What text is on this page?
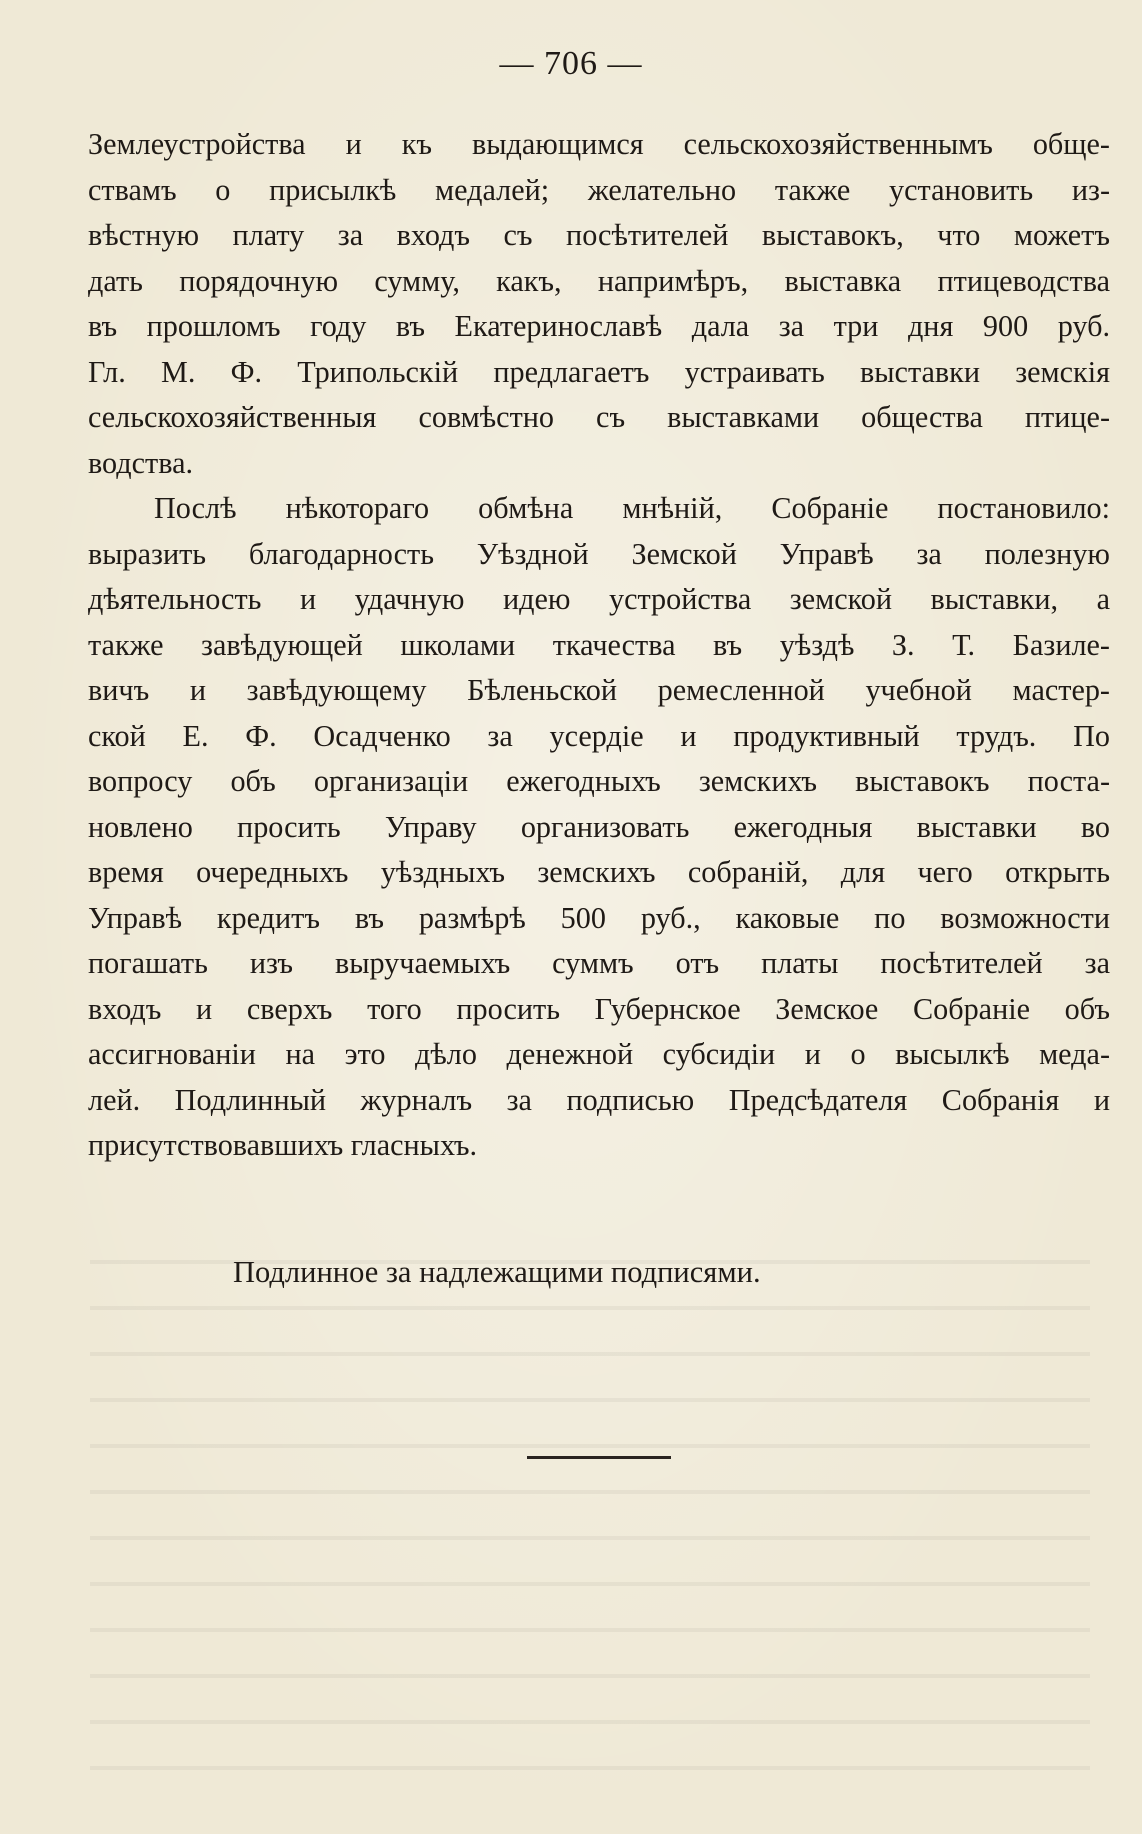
— 706 —
Землеустройства и къ выдающимся сельскохозяйственнымъ обще-
ствамъ о присылкѣ медалей; желательно также установить из-
вѣстную плату за входъ съ посѣтителей выставокъ, что можетъ
дать порядочную сумму, какъ, напримѣръ, выставка птицеводства
въ прошломъ году въ Екатеринославѣ дала за три дня 900 руб.
Гл. М. Ф. Трипольскій предлагаетъ устраивать выставки земскія
сельскохозяйственныя совмѣстно съ выставками общества птице-
водства.
Послѣ нѣкотораго обмѣна мнѣній, Собраніе постановило:
выразить благодарность Уѣздной Земской Управѣ за полезную
дѣятельность и удачную идею устройства земской выставки, а
также завѣдующей школами ткачества въ уѣздѣ З. Т. Базиле-
вичъ и завѣдующему Бѣленьской ремесленной учебной мастер-
ской Е. Ф. Осадченко за усердіе и продуктивный трудъ. По
вопросу объ организаціи ежегодныхъ земскихъ выставокъ поста-
новлено просить Управу организовать ежегодныя выставки во
время очередныхъ уѣздныхъ земскихъ собраній, для чего открыть
Управѣ кредитъ въ размѣрѣ 500 руб., каковые по возможности
погашать изъ выручаемыхъ суммъ отъ платы посѣтителей за
входъ и сверхъ того просить Губернское Земское Собраніе объ
ассигнованіи на это дѣло денежной субсидіи и о высылкѣ меда-
лей. Подлинный журналъ за подписью Предсѣдателя Собранія и
присутствовавшихъ гласныхъ.
Подлинное за надлежащими подписями.
